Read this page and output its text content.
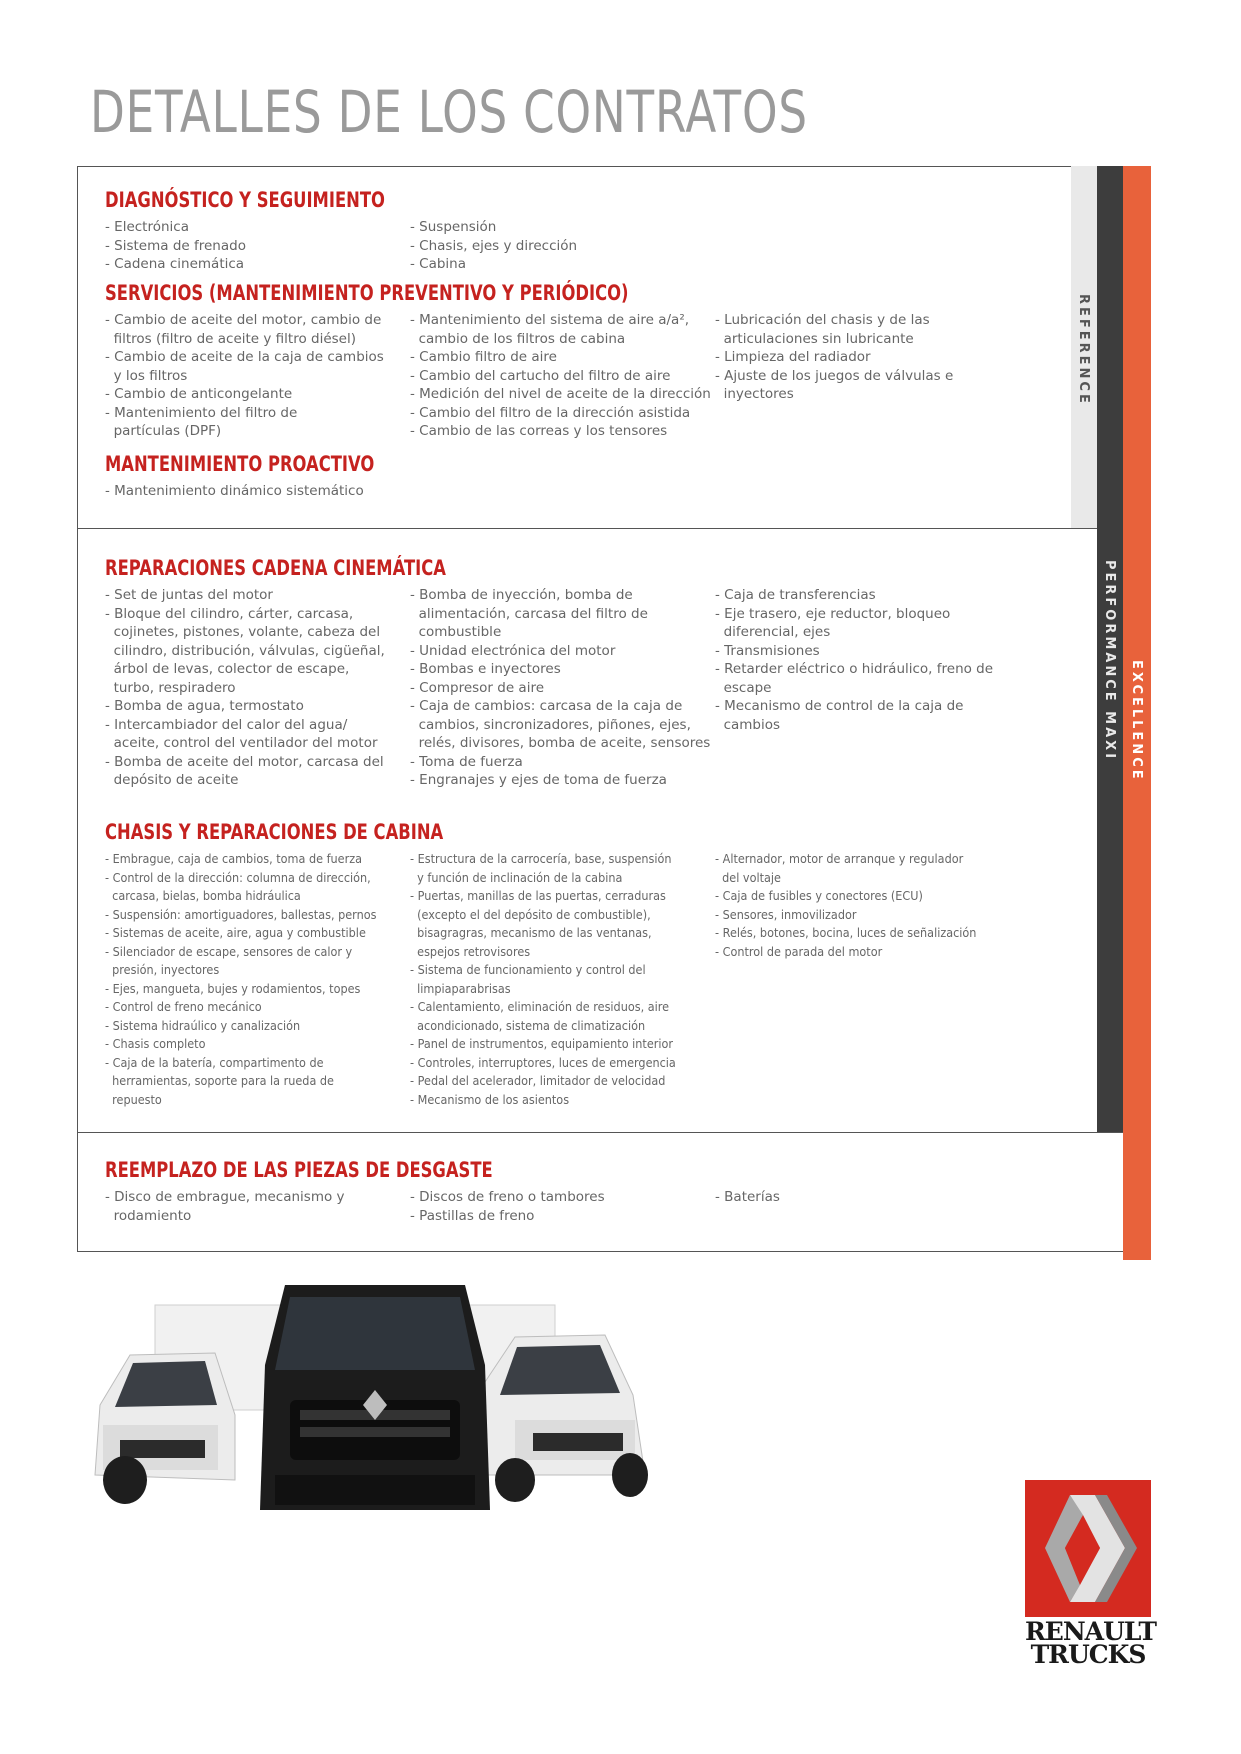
DETALLES DE LOS CONTRATOS
REFERENCE
PERFORMANCE MAXI EXCELLENCE
DIAGNÓSTICO Y SEGUIMIENTO
- Electrónica
- Sistema de frenado
- Cadena cinemática
- Suspensión
- Chasis, ejes y dirección
- Cabina
SERVICIOS (MANTENIMIENTO PREVENTIVO Y PERIÓDICO)
- Cambio de aceite del motor, cambio de
filtros (filtro de aceite y filtro diésel)
- Cambio de aceite de la caja de cambios
y los filtros
- Cambio de anticongelante
- Mantenimiento del filtro de
partículas (DPF)
- Mantenimiento del sistema de aire a/a²,
cambio de los filtros de cabina
- Cambio filtro de aire
- Cambio del cartucho del filtro de aire
- Medición del nivel de aceite de la dirección
- Cambio del filtro de la dirección asistida
- Cambio de las correas y los tensores
- Lubricación del chasis y de las
articulaciones sin lubricante
- Limpieza del radiador
- Ajuste de los juegos de válvulas e
inyectores
MANTENIMIENTO PROACTIVO
- Mantenimiento dinámico sistemático
REPARACIONES CADENA CINEMÁTICA
- Set de juntas del motor
- Bloque del cilindro, cárter, carcasa,
cojinetes, pistones, volante, cabeza del
cilindro, distribución, válvulas, cigüeñal,
árbol de levas, colector de escape,
turbo, respiradero
- Bomba de agua, termostato
- Intercambiador del calor del agua/
aceite, control del ventilador del motor
- Bomba de aceite del motor, carcasa del
depósito de aceite
- Bomba de inyección, bomba de
alimentación, carcasa del filtro de
combustible
- Unidad electrónica del motor
- Bombas e inyectores
- Compresor de aire
- Caja de cambios: carcasa de la caja de
cambios, sincronizadores, piñones, ejes,
relés, divisores, bomba de aceite, sensores
- Toma de fuerza
- Engranajes y ejes de toma de fuerza
- Caja de transferencias
- Eje trasero, eje reductor, bloqueo
diferencial, ejes
- Transmisiones
- Retarder eléctrico o hidráulico, freno de
escape
- Mecanismo de control de la caja de
cambios
CHASIS Y REPARACIONES DE CABINA
- Embrague, caja de cambios, toma de fuerza
- Control de la dirección: columna de dirección,
carcasa, bielas, bomba hidráulica
- Suspensión: amortiguadores, ballestas, pernos
- Sistemas de aceite, aire, agua y combustible
- Silenciador de escape, sensores de calor y
presión, inyectores
- Ejes, mangueta, bujes y rodamientos, topes
- Control de freno mecánico
- Sistema hidraúlico y canalización
- Chasis completo
- Caja de la batería, compartimento de
herramientas, soporte para la rueda de
repuesto
- Estructura de la carrocería, base, suspensión
y función de inclinación de la cabina
- Puertas, manillas de las puertas, cerraduras
(excepto el del depósito de combustible),
bisagragras, mecanismo de las ventanas,
espejos retrovisores
- Sistema de funcionamiento y control del
limpiaparabrisas
- Calentamiento, eliminación de residuos, aire
acondicionado, sistema de climatización
- Panel de instrumentos, equipamiento interior
- Controles, interruptores, luces de emergencia
- Pedal del acelerador, limitador de velocidad
- Mecanismo de los asientos
- Alternador, motor de arranque y regulador
del voltaje
- Caja de fusibles y conectores (ECU)
- Sensores, inmovilizador
- Relés, botones, bocina, luces de señalización
- Control de parada del motor
REEMPLAZO DE LAS PIEZAS DE DESGASTE
- Disco de embrague, mecanismo y
rodamiento
- Discos de freno o tambores
- Pastillas de freno
- Baterías
RENAULT
TRUCKS
